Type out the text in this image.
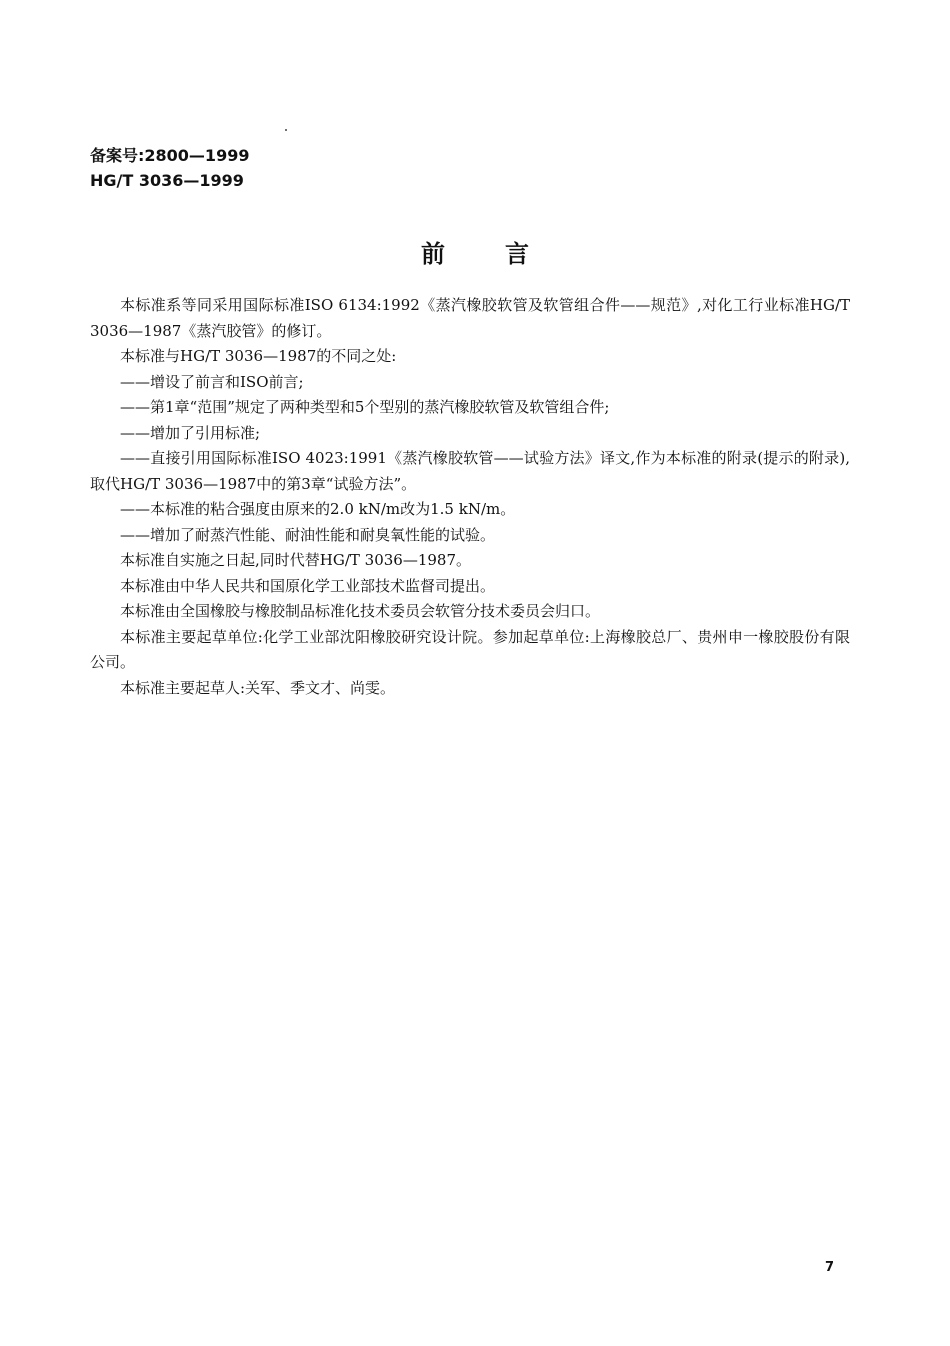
备案号:2800—1999
HG/T 3036—1999
前言

本标准系等同采用国际标准ISO 6134:1992《蒸汽橡胶软管及软管组合件——规范》,对化工行业标准HG/T 3036—1987《蒸汽胶管》的修订。

本标准与HG/T 3036—1987的不同之处:

——增设了前言和ISO前言;

——第1章“范围”规定了两种类型和5个型别的蒸汽橡胶软管及软管组合件;

——增加了引用标准;

——直接引用国际标准ISO 4023:1991《蒸汽橡胶软管——试验方法》译文,作为本标准的附录(提示的附录),取代HG/T 3036—1987中的第3章“试验方法”。

——本标准的粘合强度由原来的2.0 kN/m改为1.5 kN/m。

——增加了耐蒸汽性能、耐油性能和耐臭氧性能的试验。

本标准自实施之日起,同时代替HG/T 3036—1987。

本标准由中华人民共和国原化学工业部技术监督司提出。

本标准由全国橡胶与橡胶制品标准化技术委员会软管分技术委员会归口。

本标准主要起草单位:化学工业部沈阳橡胶研究设计院。参加起草单位:上海橡胶总厂、贵州申一橡胶股份有限公司。

本标准主要起草人:关军、季文才、尚雯。

7
